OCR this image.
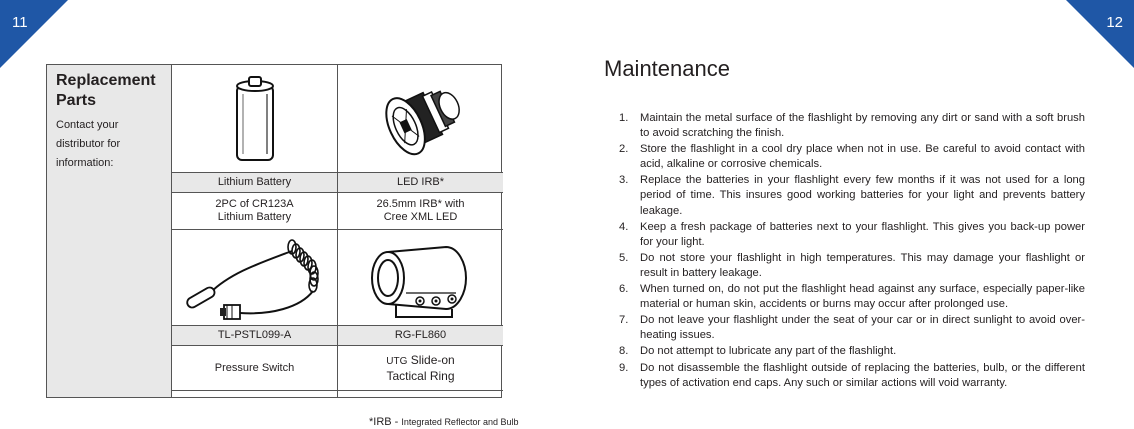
11
Replacement
Parts
Contact your
distributor for
information:
Lithium Battery	LED IRB*
2PC of CR123A
Lithium Battery
26.5mm IRB* with
Cree XML LED
TL-PSTL099-A	RG-FL860
Pressure Switch
UTG Slide-on
Tactical Ring
*IRB - Integrated Reflector and Bulb
12
Maintenance
1. Maintain the metal surface of the flashlight by removing any dirt or sand with a soft brush to avoid scratching the finish.
2. Store the flashlight in a cool dry place when not in use. Be careful to avoid contact with acid, alkaline or corrosive chemicals.
3. Replace the batteries in your flashlight every few months if it was not used for a long period of time. This insures good working batteries for your light and prevents battery leakage.
4. Keep a fresh package of batteries next to your flashlight. This gives you back-up power for your light.
5. Do not store your flashlight in high temperatures. This may damage your flashlight or result in battery leakage.
6. When turned on, do not put the flashlight head against any surface, especially paper-like material or human skin, accidents or burns may occur after prolonged use.
7. Do not leave your flashlight under the seat of your car or in direct sunlight to avoid over-heating issues.
8. Do not attempt to lubricate any part of the flashlight.
9. Do not disassemble the flashlight outside of replacing the batteries, bulb, or the different types of activation end caps. Any such or similar actions will void warranty.
